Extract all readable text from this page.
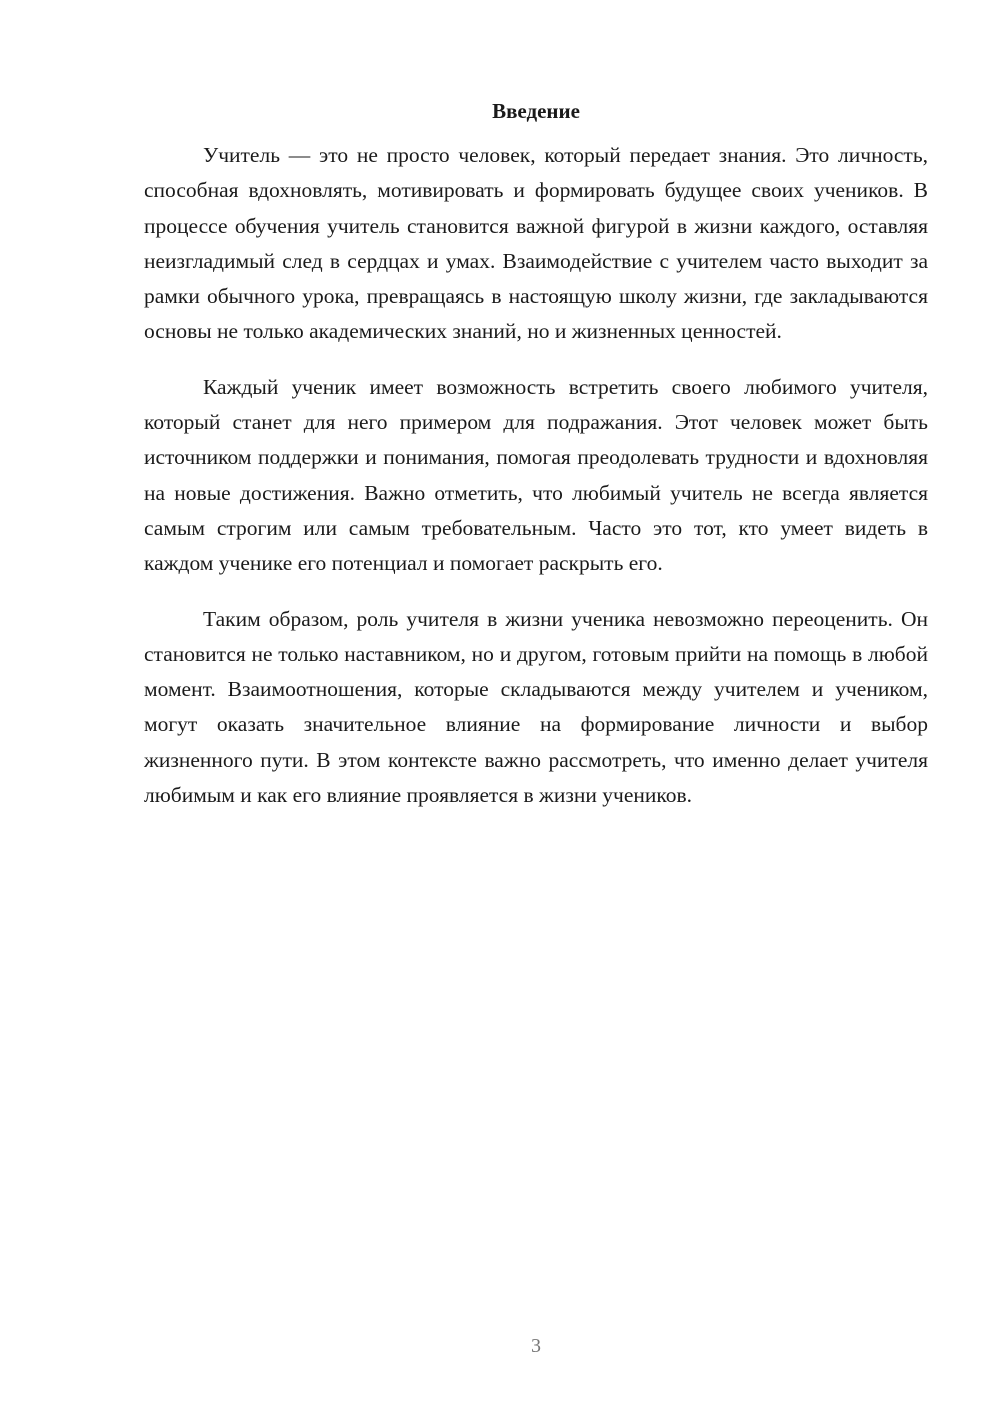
Введение

Учитель — это не просто человек, который передает знания. Это личность, способная вдохновлять, мотивировать и формировать будущее своих учеников. В процессе обучения учитель становится важной фигурой в жизни каждого, оставляя неизгладимый след в сердцах и умах. Взаимодействие с учителем часто выходит за рамки обычного урока, превращаясь в настоящую школу жизни, где закладываются основы не только академических знаний, но и жизненных ценностей.

Каждый ученик имеет возможность встретить своего любимого учителя, который станет для него примером для подражания. Этот человек может быть источником поддержки и понимания, помогая преодолевать трудности и вдохновляя на новые достижения. Важно отметить, что любимый учитель не всегда является самым строгим или самым требовательным. Часто это тот, кто умеет видеть в каждом ученике его потенциал и помогает раскрыть его.

Таким образом, роль учителя в жизни ученика невозможно переоценить. Он становится не только наставником, но и другом, готовым прийти на помощь в любой момент. Взаимоотношения, которые складываются между учителем и учеником, могут оказать значительное влияние на формирование личности и выбор жизненного пути. В этом контексте важно рассмотреть, что именно делает учителя любимым и как его влияние проявляется в жизни учеников.

3
